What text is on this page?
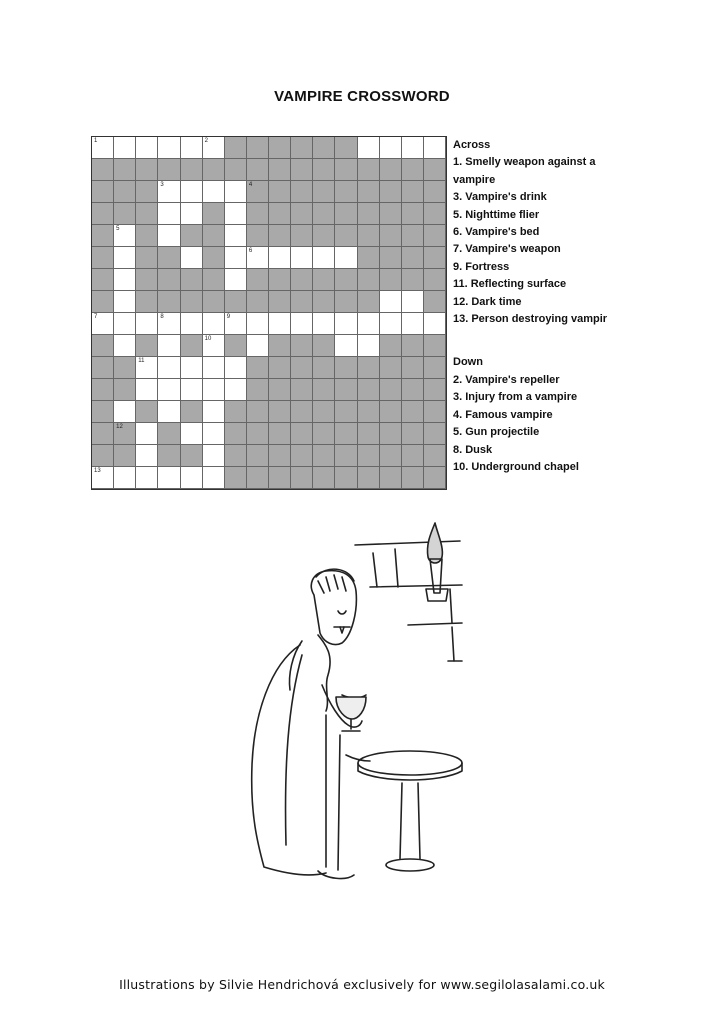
VAMPIRE CROSSWORD
1	2
3	4
5
6
7	8	9
10
11
12
13
Across
1. Smelly weapon against a vampire
3. Vampire's drink
5. Nighttime flier
6. Vampire's bed
7. Vampire's weapon
9. Fortress
11. Reflecting surface
12. Dark time
13. Person destroying vampir
Down
2. Vampire's repeller
3. Injury from a vampire
4. Famous vampire
5. Gun projectile
8. Dusk
10. Underground chapel
Illustrations by Silvie Hendrichová exclusively for www.segilolasalami.co.uk
